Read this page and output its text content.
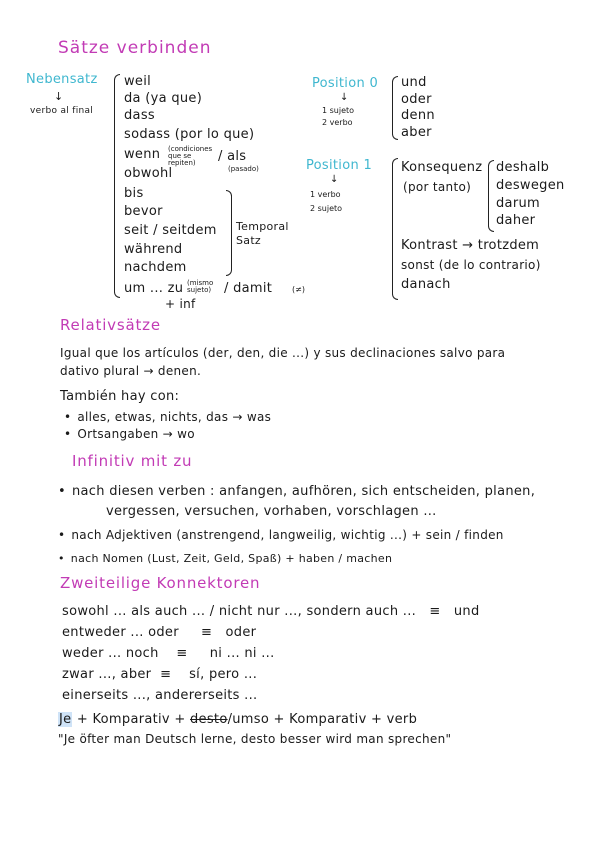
Sätze verbinden
Nebensatz
↓
verbo al final
weil
da (ya que)
dass
sodass (por lo que)
wenn (condiciones que se repiten)	/ als
(pasado)
obwohl
bis
bevor
seit / seitdem
während
nachdem
Temporal Satz
um ... zu (mismo sujeto) / damit (≠)
+ inf
Position 0
↓
1 sujeto
2 verbo
und
oder
denn
aber
Position 1
↓
1 verbo
2 sujeto
Konsequenz
(por tanto)
deshalb
deswegen
darum
daher
Kontrast → trotzdem
sonst (de lo contrario)
danach
Relativsätze
Igual que los artículos (der, den, die ...) y sus declinaciones salvo para
dativo plural → denen.
También hay con:
• alles, etwas, nichts, das → was
• Ortsangaben → wo
Infinitiv mit zu
• nach diesen verben : anfangen, aufhören, sich entscheiden, planen,
vergessen, versuchen, vorhaben, vorschlagen ...
• nach Adjektiven (anstrengend, langweilig, wichtig ...) + sein / finden
• nach Nomen (Lust, Zeit, Geld, Spaß) + haben / machen
Zweiteilige Konnektoren
sowohl ... als auch ... / nicht nur ..., sondern auch ...   ≡   und
entweder ... oder     ≡   oder
weder ... noch    ≡     ni ... ni ...
zwar ..., aber  ≡    sí, pero ...
einerseits ..., andererseits ...
Je + Komparativ + desto/umso + Komparativ + verb
"Je öfter man Deutsch lerne, desto besser wird man sprechen"
